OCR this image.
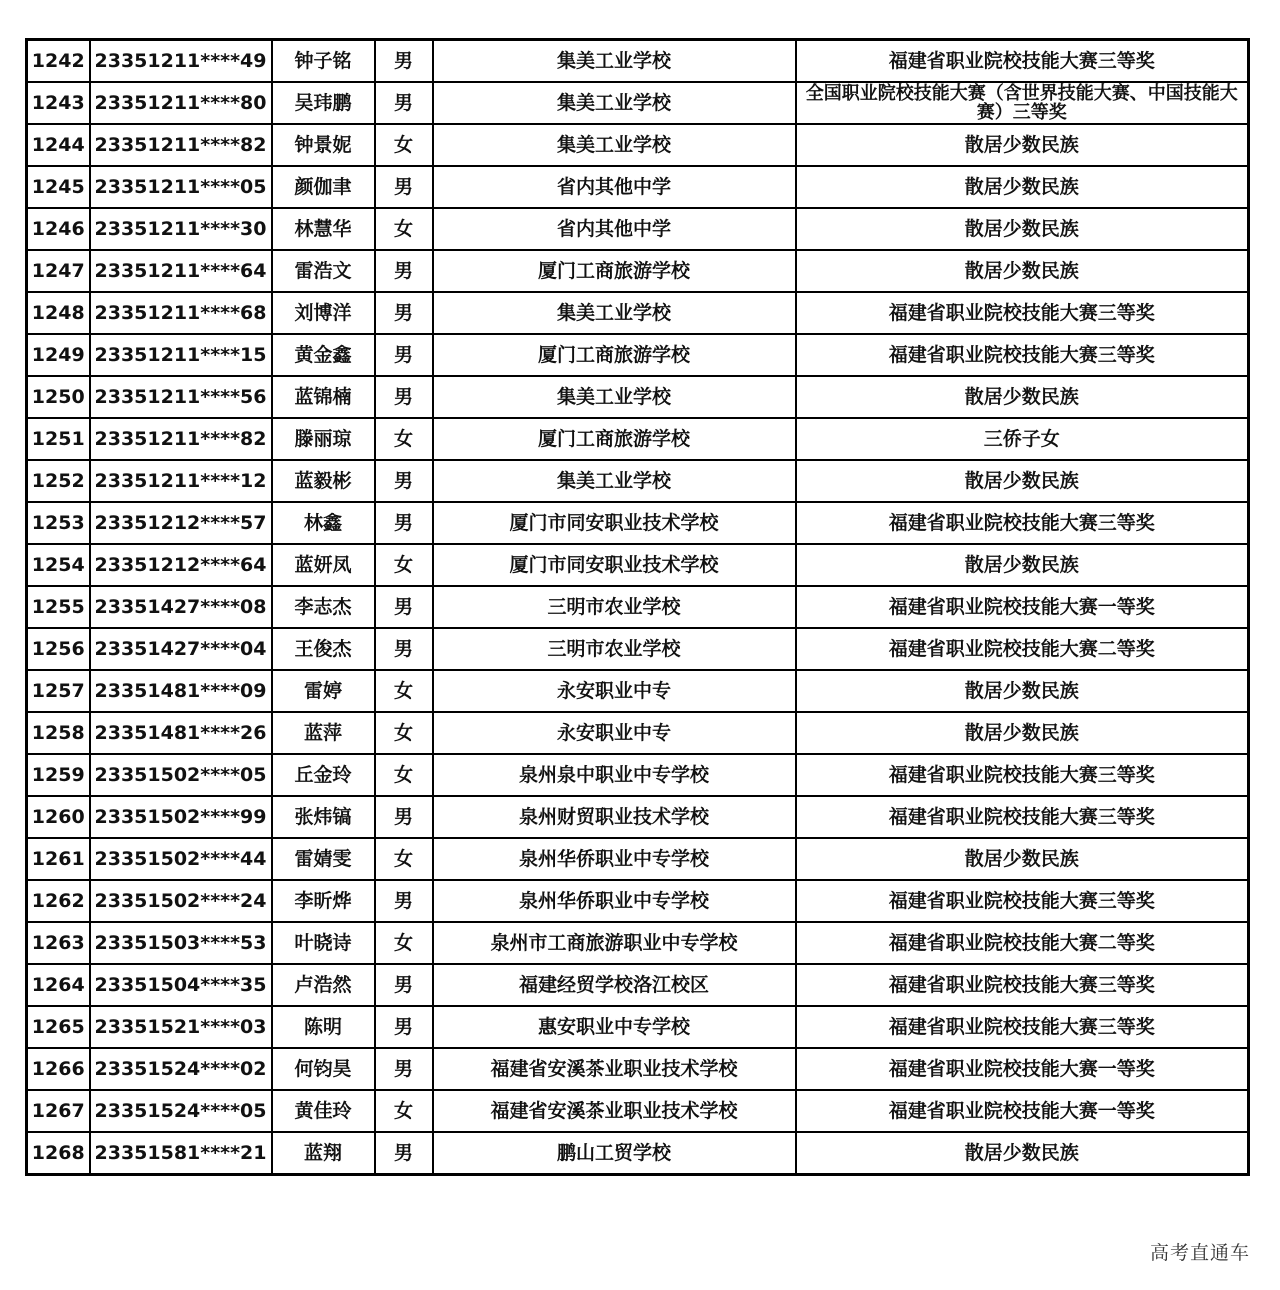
1242	23351211****49	钟子铭	男	集美工业学校	福建省职业院校技能大赛三等奖
1243	23351211****80	吴玮鹏	男	集美工业学校	全国职业院校技能大赛（含世界技能大赛、中国技能大赛）三等奖
1244	23351211****82	钟景妮	女	集美工业学校	散居少数民族
1245	23351211****05	颜伽聿	男	省内其他中学	散居少数民族
1246	23351211****30	林慧华	女	省内其他中学	散居少数民族
1247	23351211****64	雷浩文	男	厦门工商旅游学校	散居少数民族
1248	23351211****68	刘博洋	男	集美工业学校	福建省职业院校技能大赛三等奖
1249	23351211****15	黄金鑫	男	厦门工商旅游学校	福建省职业院校技能大赛三等奖
1250	23351211****56	蓝锦楠	男	集美工业学校	散居少数民族
1251	23351211****82	滕丽琼	女	厦门工商旅游学校	三侨子女
1252	23351211****12	蓝毅彬	男	集美工业学校	散居少数民族
1253	23351212****57	林鑫	男	厦门市同安职业技术学校	福建省职业院校技能大赛三等奖
1254	23351212****64	蓝妍凤	女	厦门市同安职业技术学校	散居少数民族
1255	23351427****08	李志杰	男	三明市农业学校	福建省职业院校技能大赛一等奖
1256	23351427****04	王俊杰	男	三明市农业学校	福建省职业院校技能大赛二等奖
1257	23351481****09	雷婷	女	永安职业中专	散居少数民族
1258	23351481****26	蓝萍	女	永安职业中专	散居少数民族
1259	23351502****05	丘金玲	女	泉州泉中职业中专学校	福建省职业院校技能大赛三等奖
1260	23351502****99	张炜镐	男	泉州财贸职业技术学校	福建省职业院校技能大赛三等奖
1261	23351502****44	雷婧雯	女	泉州华侨职业中专学校	散居少数民族
1262	23351502****24	李昕烨	男	泉州华侨职业中专学校	福建省职业院校技能大赛三等奖
1263	23351503****53	叶晓诗	女	泉州市工商旅游职业中专学校	福建省职业院校技能大赛二等奖
1264	23351504****35	卢浩然	男	福建经贸学校洛江校区	福建省职业院校技能大赛三等奖
1265	23351521****03	陈明	男	惠安职业中专学校	福建省职业院校技能大赛三等奖
1266	23351524****02	何钧昊	男	福建省安溪茶业职业技术学校	福建省职业院校技能大赛一等奖
1267	23351524****05	黄佳玲	女	福建省安溪茶业职业技术学校	福建省职业院校技能大赛一等奖
1268	23351581****21	蓝翔	男	鹏山工贸学校	散居少数民族
高考直通车
